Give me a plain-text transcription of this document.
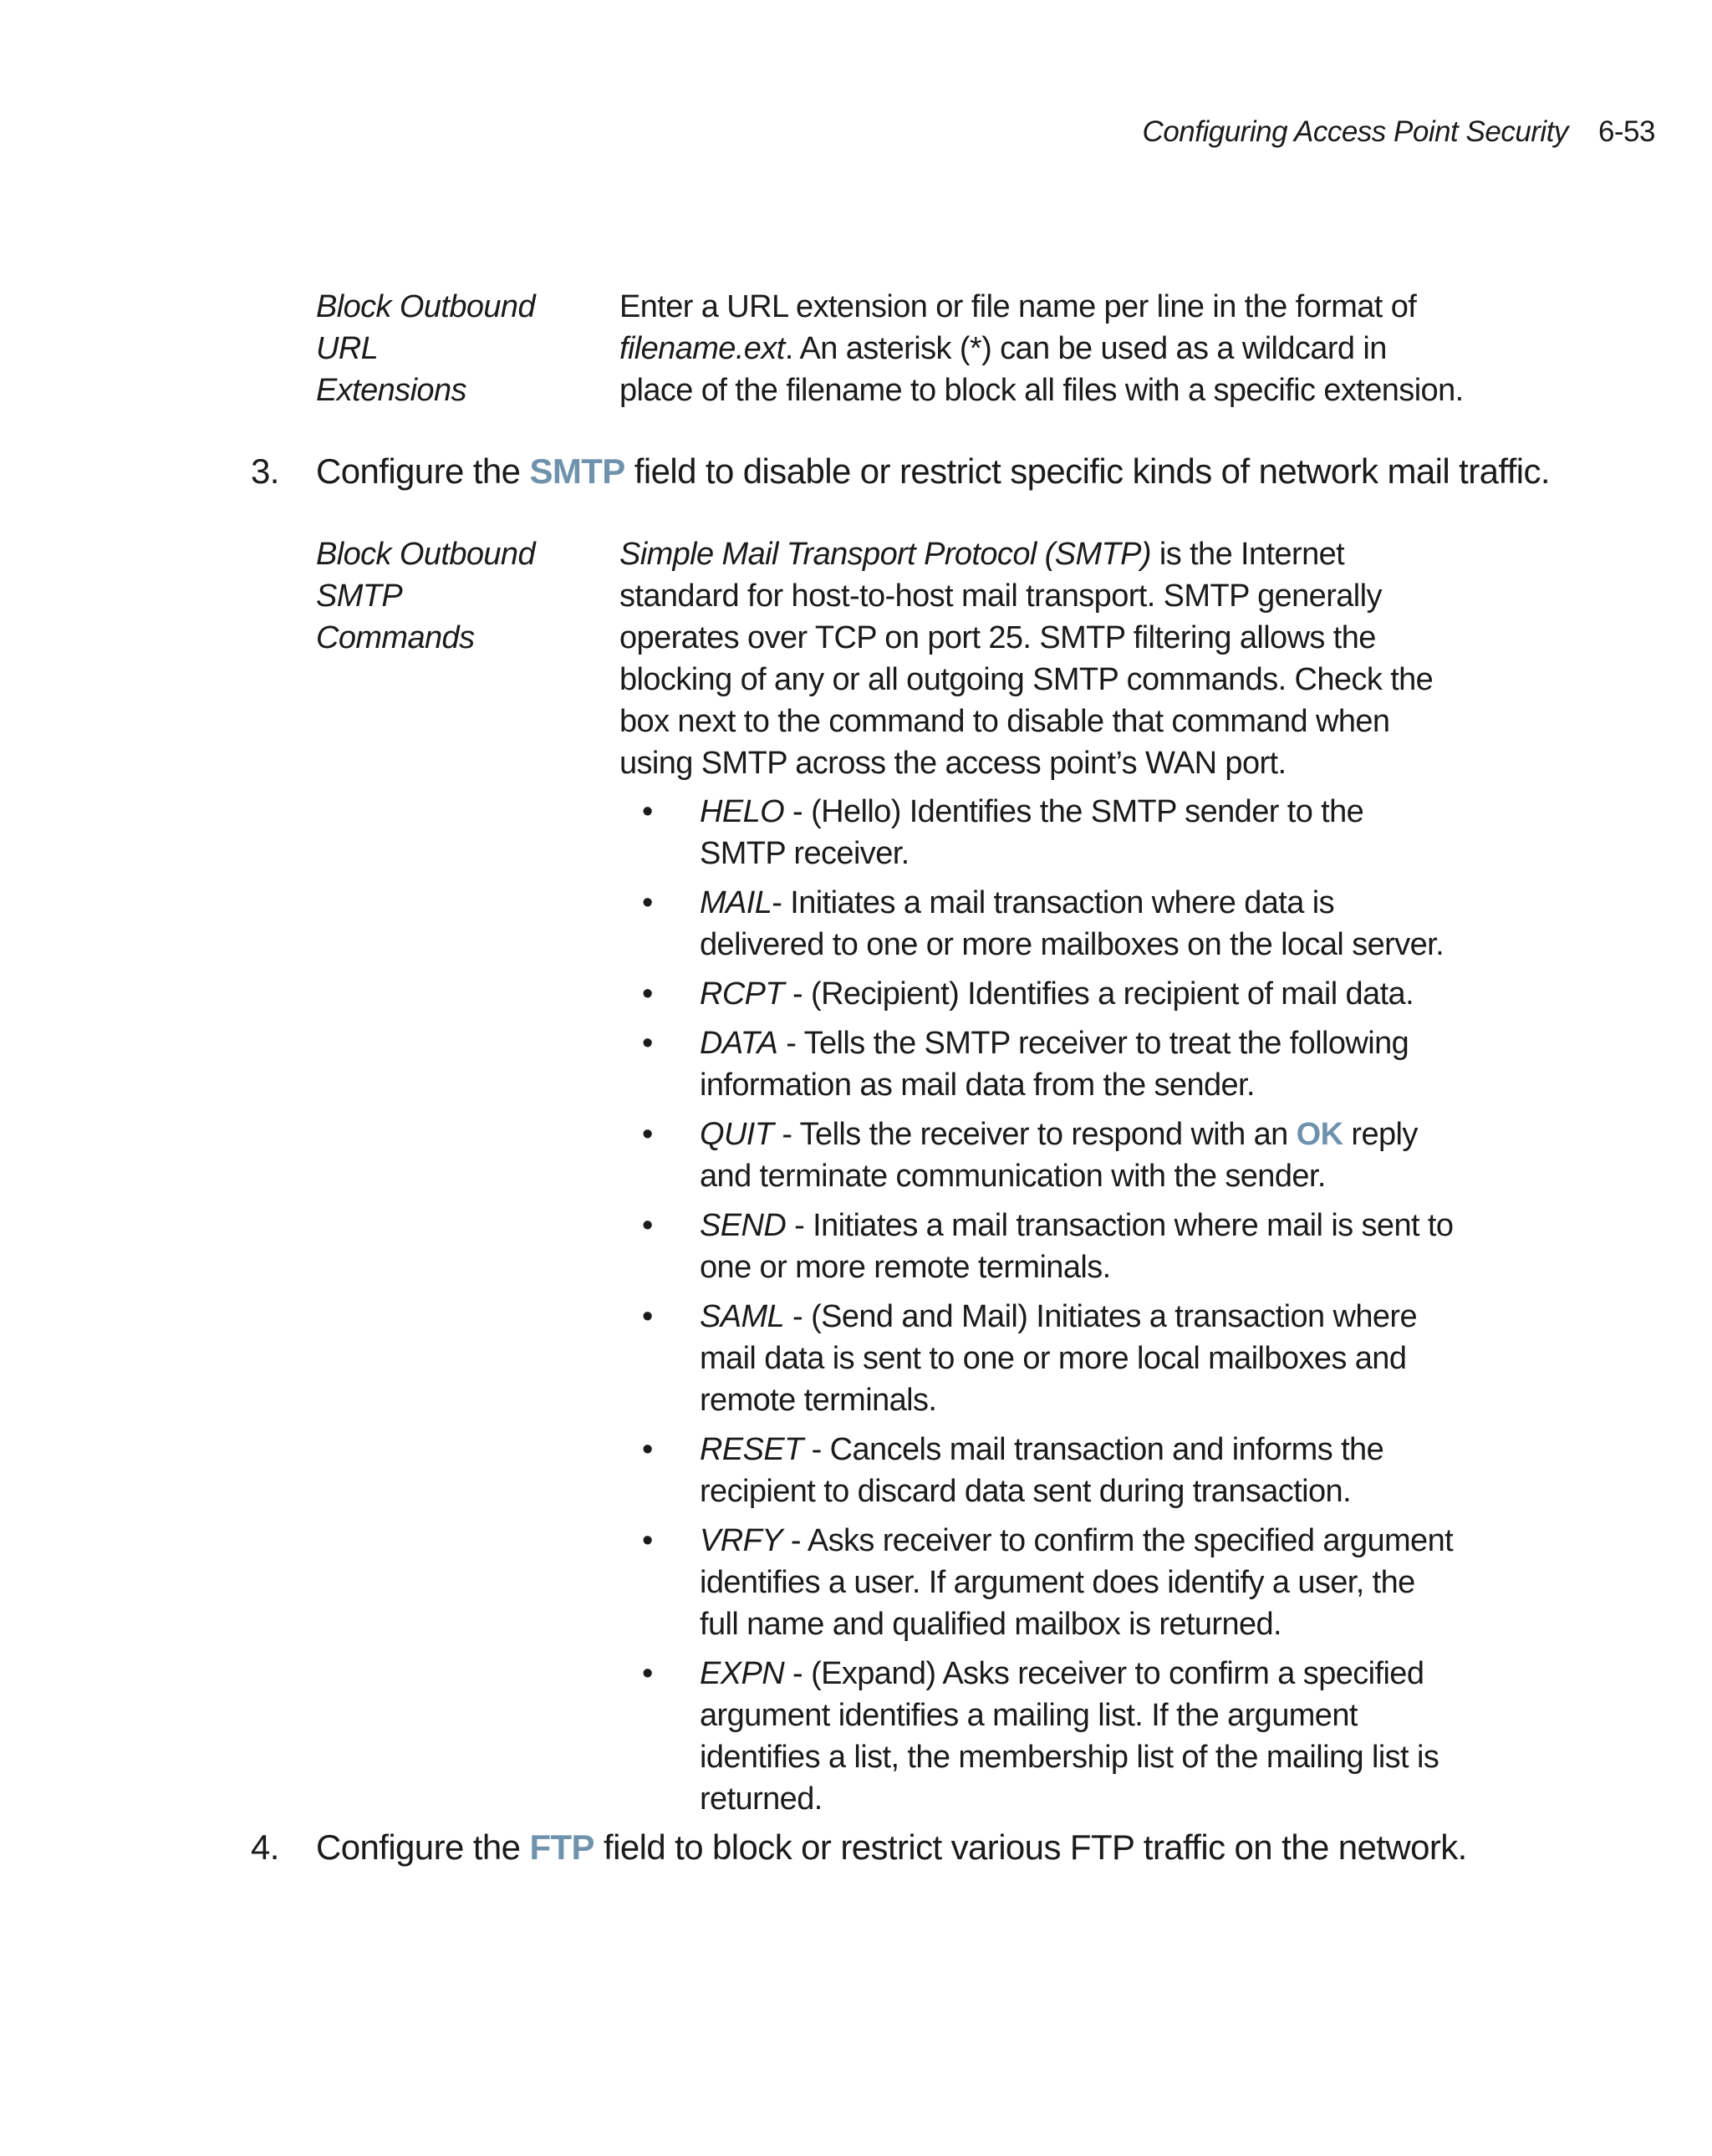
Configuring Access Point Security 6-53
Block Outbound URL
Extensions
Enter a URL extension or file name per line in the format of filename.ext. An asterisk (*) can be used as a wildcard in place of the filename to block all files with a specific extension.
3. Configure the SMTP field to disable or restrict specific kinds of network mail traffic.
Block Outbound SMTP
Commands
Simple Mail Transport Protocol (SMTP) is the Internet standard for host-to-host mail transport. SMTP generally operates over TCP on port 25. SMTP filtering allows the blocking of any or all outgoing SMTP commands. Check the box next to the command to disable that command when using SMTP across the access point’s WAN port.
• HELO - (Hello) Identifies the SMTP sender to the SMTP receiver.
• MAIL- Initiates a mail transaction where data is delivered to one or more mailboxes on the local server.
• RCPT - (Recipient) Identifies a recipient of mail data.
• DATA - Tells the SMTP receiver to treat the following information as mail data from the sender.
• QUIT - Tells the receiver to respond with an OK reply and terminate communication with the sender.
• SEND - Initiates a mail transaction where mail is sent to one or more remote terminals.
• SAML - (Send and Mail) Initiates a transaction where mail data is sent to one or more local mailboxes and remote terminals.
• RESET - Cancels mail transaction and informs the recipient to discard data sent during transaction.
• VRFY - Asks receiver to confirm the specified argument identifies a user. If argument does identify a user, the full name and qualified mailbox is returned.
• EXPN - (Expand) Asks receiver to confirm a specified argument identifies a mailing list. If the argument identifies a list, the membership list of the mailing list is returned.
4. Configure the FTP field to block or restrict various FTP traffic on the network.
